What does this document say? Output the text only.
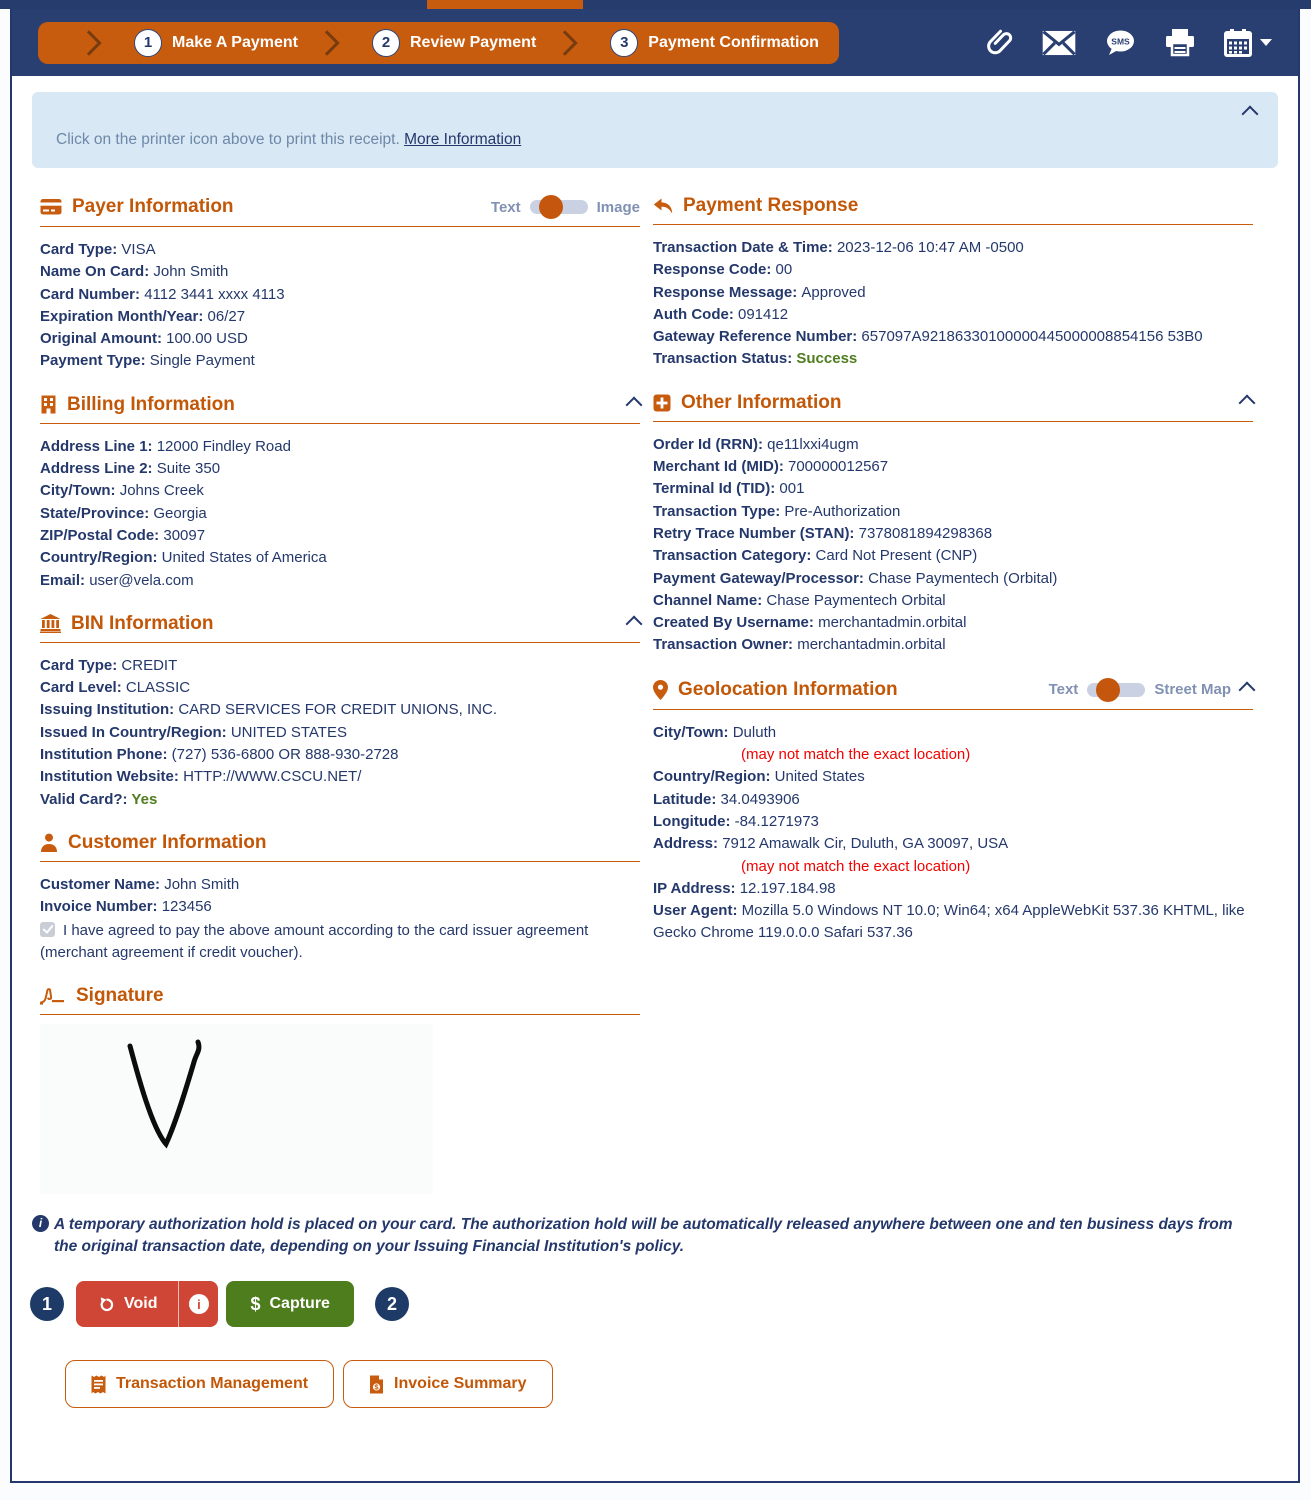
1	Make A Payment	2	Review Payment	3	Payment Confirmation	SMS

Click on the printer icon above to print this receipt. More Information

Payer Information	Text	Image
Card Type: VISA
Name On Card: John Smith
Card Number: 4112 3441 xxxx 4113
Expiration Month/Year: 06/27
Original Amount: 100.00 USD
Payment Type: Single Payment
Billing Information
Address Line 1: 12000 Findley Road
Address Line 2: Suite 350
City/Town: Johns Creek
State/Province: Georgia
ZIP/Postal Code: 30097
Country/Region: United States of America
Email: user@vela.com
BIN Information
Card Type: CREDIT
Card Level: CLASSIC
Issuing Institution: CARD SERVICES FOR CREDIT UNIONS, INC.
Issued In Country/Region: UNITED STATES
Institution Phone: (727) 536-6800 OR 888-930-2728
Institution Website: HTTP://WWW.CSCU.NET/
Valid Card?: Yes
Customer Information
Customer Name: John Smith
Invoice Number: 123456
I have agreed to pay the above amount according to the card issuer agreement (merchant agreement if credit voucher).
Signature
Payment Response
Transaction Date & Time: 2023-12-06 10:47 AM -0500
Response Code: 00
Response Message: Approved
Auth Code: 091412
Gateway Reference Number: 657097A92186330100000445000008854156 53B0
Transaction Status: Success
Other Information
Order Id (RRN): qe11lxxi4ugm
Merchant Id (MID): 700000012567
Terminal Id (TID): 001
Transaction Type: Pre-Authorization
Retry Trace Number (STAN): 7378081894298368
Transaction Category: Card Not Present (CNP)
Payment Gateway/Processor: Chase Paymentech (Orbital)
Channel Name: Chase Paymentech Orbital
Created By Username: merchantadmin.orbital
Transaction Owner: merchantadmin.orbital
Geolocation Information	Text	Street Map
City/Town: Duluth
(may not match the exact location)
Country/Region: United States
Latitude: 34.0493906
Longitude: -84.1271973
Address: 7912 Amawalk Cir, Duluth, GA 30097, USA
(may not match the exact location)
IP Address: 12.197.184.98
User Agent: Mozilla 5.0 Windows NT 10.0; Win64; x64 AppleWebKit 537.36 KHTML, like Gecko Chrome 119.0.0.0 Safari 537.36
i A temporary authorization hold is placed on your card. The authorization hold will be automatically released anywhere between one and ten business days from the original transaction date, depending on your Issuing Financial Institution's policy.
1	Void	i	$ Capture	2
Transaction Management	$ Invoice Summary
